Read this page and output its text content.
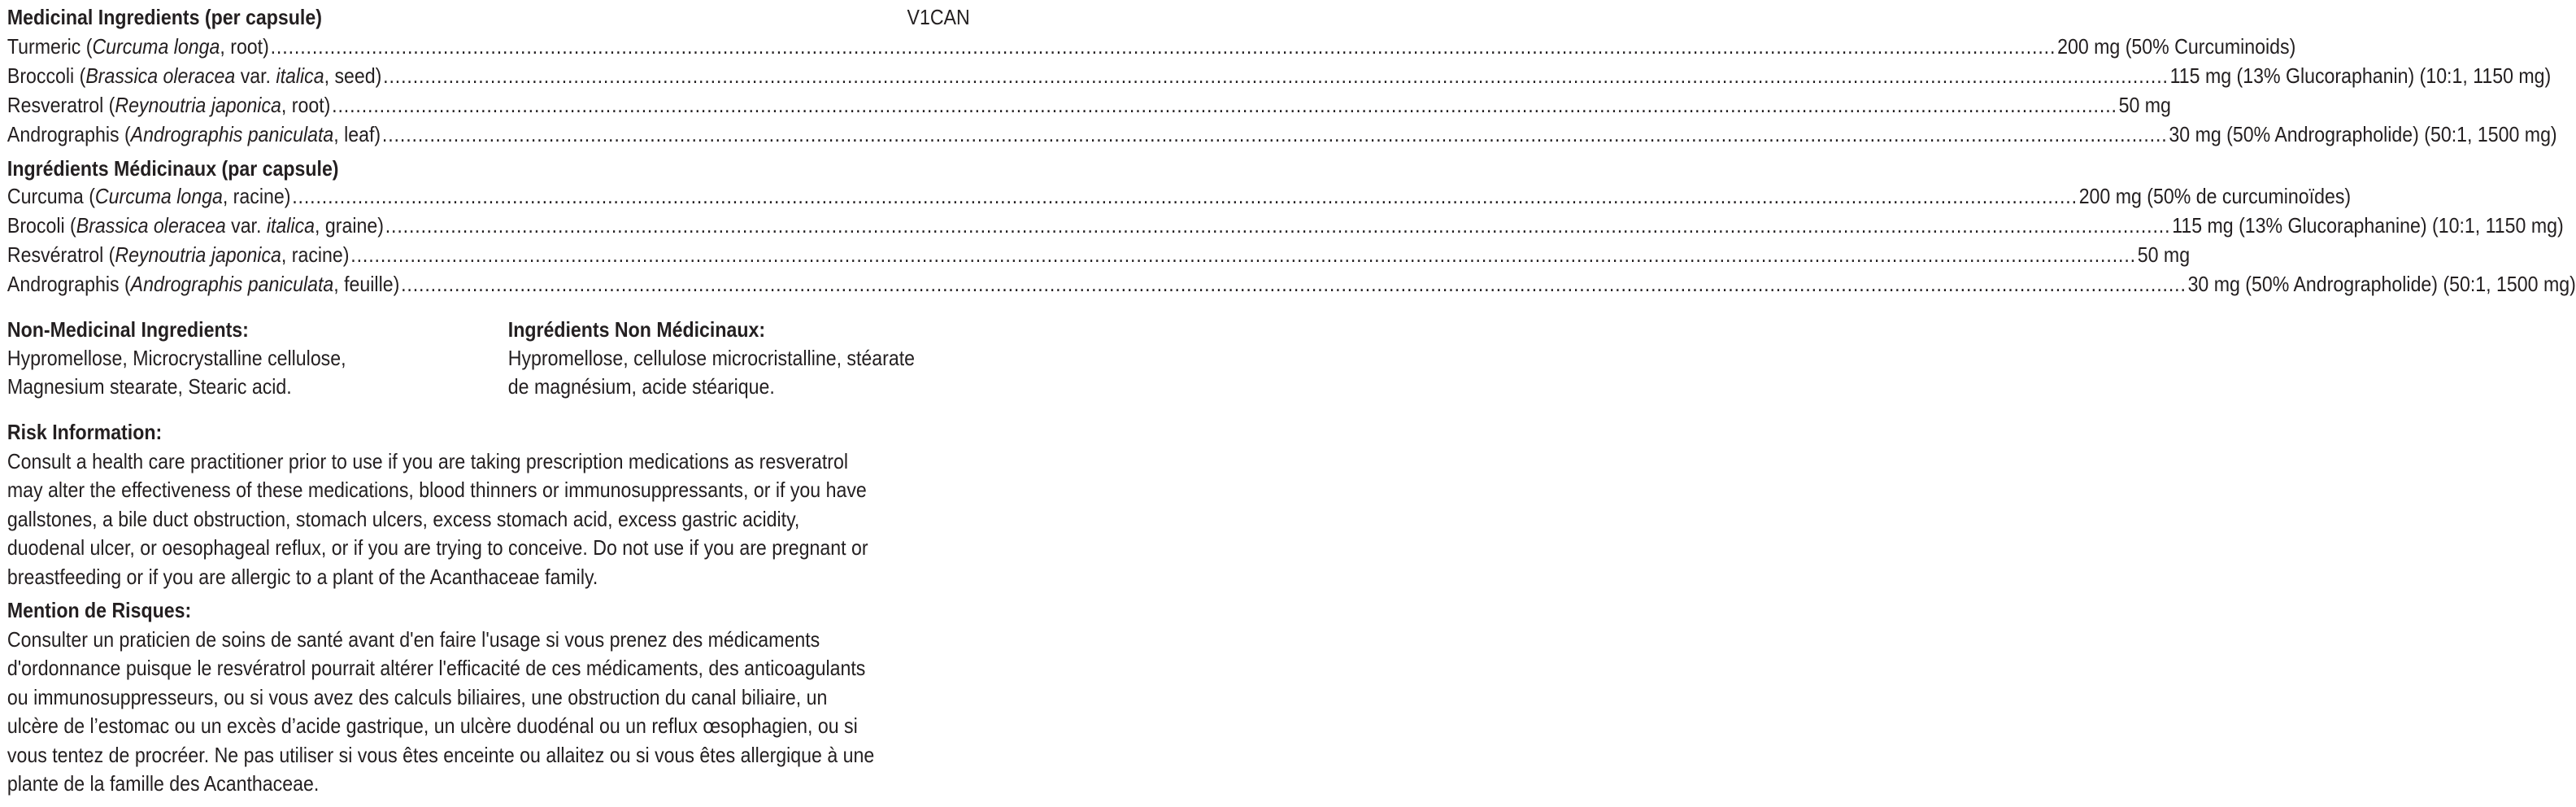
V1CAN
Medicinal Ingredients (per capsule)
Turmeric (Curcuma longa, root) ............................................................................................................................................................................................................................................................................................................ 200 mg (50% Curcuminoids)
Broccoli (Brassica oleracea var. italica, seed) ............................................................................................................................................................................................................................................................................................................ 115 mg (13% Glucoraphanin) (10:1, 1150 mg)
Resveratrol (Reynoutria japonica, root) ............................................................................................................................................................................................................................................................................................................ 50 mg
Andrographis (Andrographis paniculata, leaf) ............................................................................................................................................................................................................................................................................................................ 30 mg (50% Andrographolide) (50:1, 1500 mg)
Ingrédients Médicinaux (par capsule)
Curcuma (Curcuma longa, racine) ............................................................................................................................................................................................................................................................................................................ 200 mg (50% de curcuminoïdes)
Brocoli (Brassica oleracea var. italica, graine) ............................................................................................................................................................................................................................................................................................................ 115 mg (13% Glucoraphanine) (10:1, 1150 mg)
Resvératrol (Reynoutria japonica, racine) ............................................................................................................................................................................................................................................................................................................ 50 mg
Andrographis (Andrographis paniculata, feuille) ............................................................................................................................................................................................................................................................................................................ 30 mg (50% Andrographolide) (50:1, 1500 mg)
Non-Medicinal Ingredients:
Hypromellose, Microcrystalline cellulose,
Magnesium stearate, Stearic acid.
Ingrédients Non Médicinaux:
Hypromellose, cellulose microcristalline, stéarate
de magnésium, acide stéarique.
Risk Information:
Consult a health care practitioner prior to use if you are taking prescription medications as resveratrol
may alter the effectiveness of these medications, blood thinners or immunosuppressants, or if you have
gallstones, a bile duct obstruction, stomach ulcers, excess stomach acid, excess gastric acidity,
duodenal ulcer, or oesophageal reflux, or if you are trying to conceive. Do not use if you are pregnant or
breastfeeding or if you are allergic to a plant of the Acanthaceae family.
Mention de Risques:
Consulter un praticien de soins de santé avant d'en faire l'usage si vous prenez des médicaments
d'ordonnance puisque le resvératrol pourrait altérer l'efficacité de ces médicaments, des anticoagulants
ou immunosuppresseurs, ou si vous avez des calculs biliaires, une obstruction du canal biliaire, un
ulcère de l’estomac ou un excès d’acide gastrique, un ulcère duodénal ou un reflux œsophagien, ou si
vous tentez de procréer. Ne pas utiliser si vous êtes enceinte ou allaitez ou si vous êtes allergique à une
plante de la famille des Acanthaceae.
